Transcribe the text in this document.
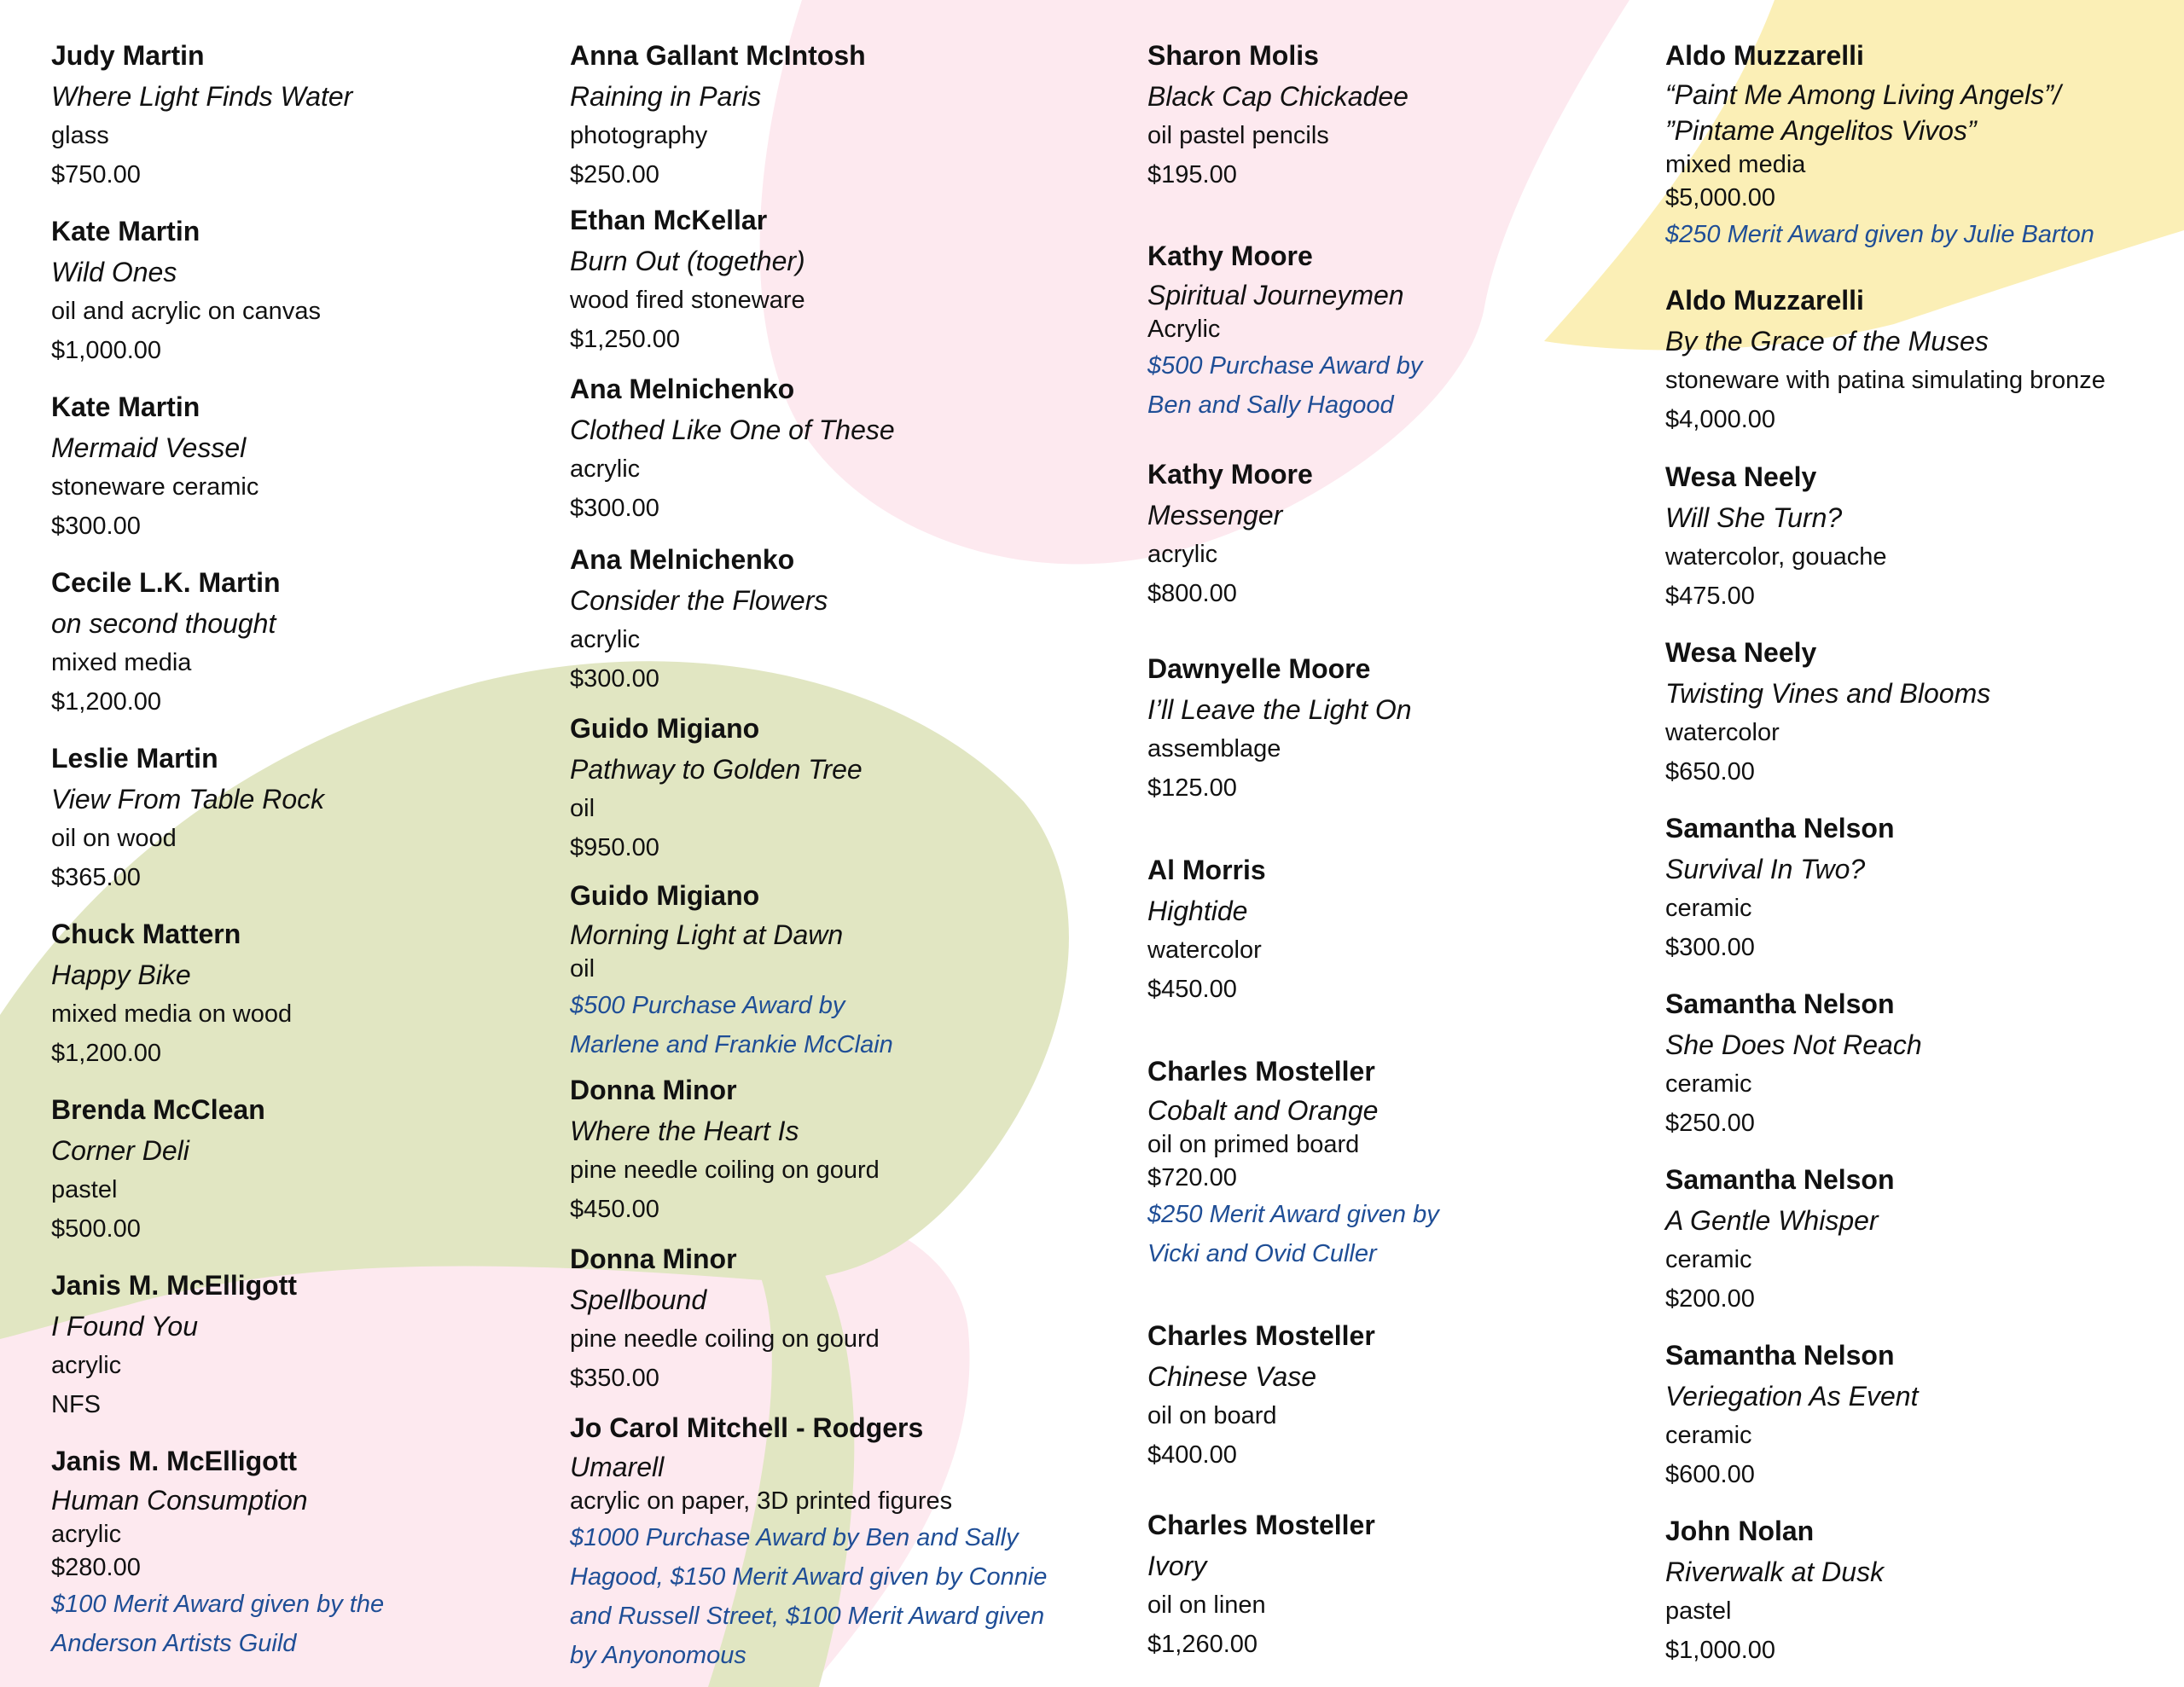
Judy Martin
Where Light Finds Water
glass
$750.00
Kate Martin
Wild Ones
oil and acrylic on canvas
$1,000.00
Kate Martin
Mermaid Vessel
stoneware ceramic
$300.00
Cecile L.K. Martin
on second thought
mixed media
$1,200.00
Leslie Martin
View From Table Rock
oil on wood
$365.00
Chuck Mattern
Happy Bike
mixed media on wood
$1,200.00
Brenda McClean
Corner Deli
pastel
$500.00
Janis M. McElligott
I Found You
acrylic
NFS
Janis M. McElligott
Human Consumption
acrylic
$280.00
$100 Merit Award given by the
Anderson Artists Guild
Anna Gallant McIntosh
Raining in Paris
photography
$250.00
Ethan McKellar
Burn Out (together)
wood fired stoneware
$1,250.00
Ana Melnichenko
Clothed Like One of These
acrylic
$300.00
Ana Melnichenko
Consider the Flowers
acrylic
$300.00
Guido Migiano
Pathway to Golden Tree
oil
$950.00
Guido Migiano
Morning Light at Dawn
oil
$500 Purchase Award by
Marlene and Frankie McClain
Donna Minor
Where the Heart Is
pine needle coiling on gourd
$450.00
Donna Minor
Spellbound
pine needle coiling on gourd
$350.00
Jo Carol Mitchell - Rodgers
Umarell
acrylic on paper, 3D printed figures
$1000 Purchase Award by Ben and Sally
Hagood, $150 Merit Award given by Connie
and Russell Street, $100 Merit Award given
by Anyonomous
Sharon Molis
Black Cap Chickadee
oil pastel pencils
$195.00
Kathy Moore
Spiritual Journeymen
Acrylic
$500 Purchase Award by
Ben and Sally Hagood
Kathy Moore
Messenger
acrylic
$800.00
Dawnyelle Moore
I’ll Leave the Light On
assemblage
$125.00
Al Morris
Hightide
watercolor
$450.00
Charles Mosteller
Cobalt and Orange
oil on primed board
$720.00
$250 Merit Award given by
Vicki and Ovid Culler
Charles Mosteller
Chinese Vase
oil on board
$400.00
Charles Mosteller
Ivory
oil on linen
$1,260.00
Aldo Muzzarelli
“Paint Me Among Living Angels”/
”Pintame Angelitos Vivos”
mixed media
$5,000.00
$250 Merit Award given by Julie Barton
Aldo Muzzarelli
By the Grace of the Muses
stoneware with patina simulating bronze
$4,000.00
Wesa Neely
Will She Turn?
watercolor, gouache
$475.00
Wesa Neely
Twisting Vines and Blooms
watercolor
$650.00
Samantha Nelson
Survival In Two?
ceramic
$300.00
Samantha Nelson
She Does Not Reach
ceramic
$250.00
Samantha Nelson
A Gentle Whisper
ceramic
$200.00
Samantha Nelson
Veriegation As Event
ceramic
$600.00
John Nolan
Riverwalk at Dusk
pastel
$1,000.00
